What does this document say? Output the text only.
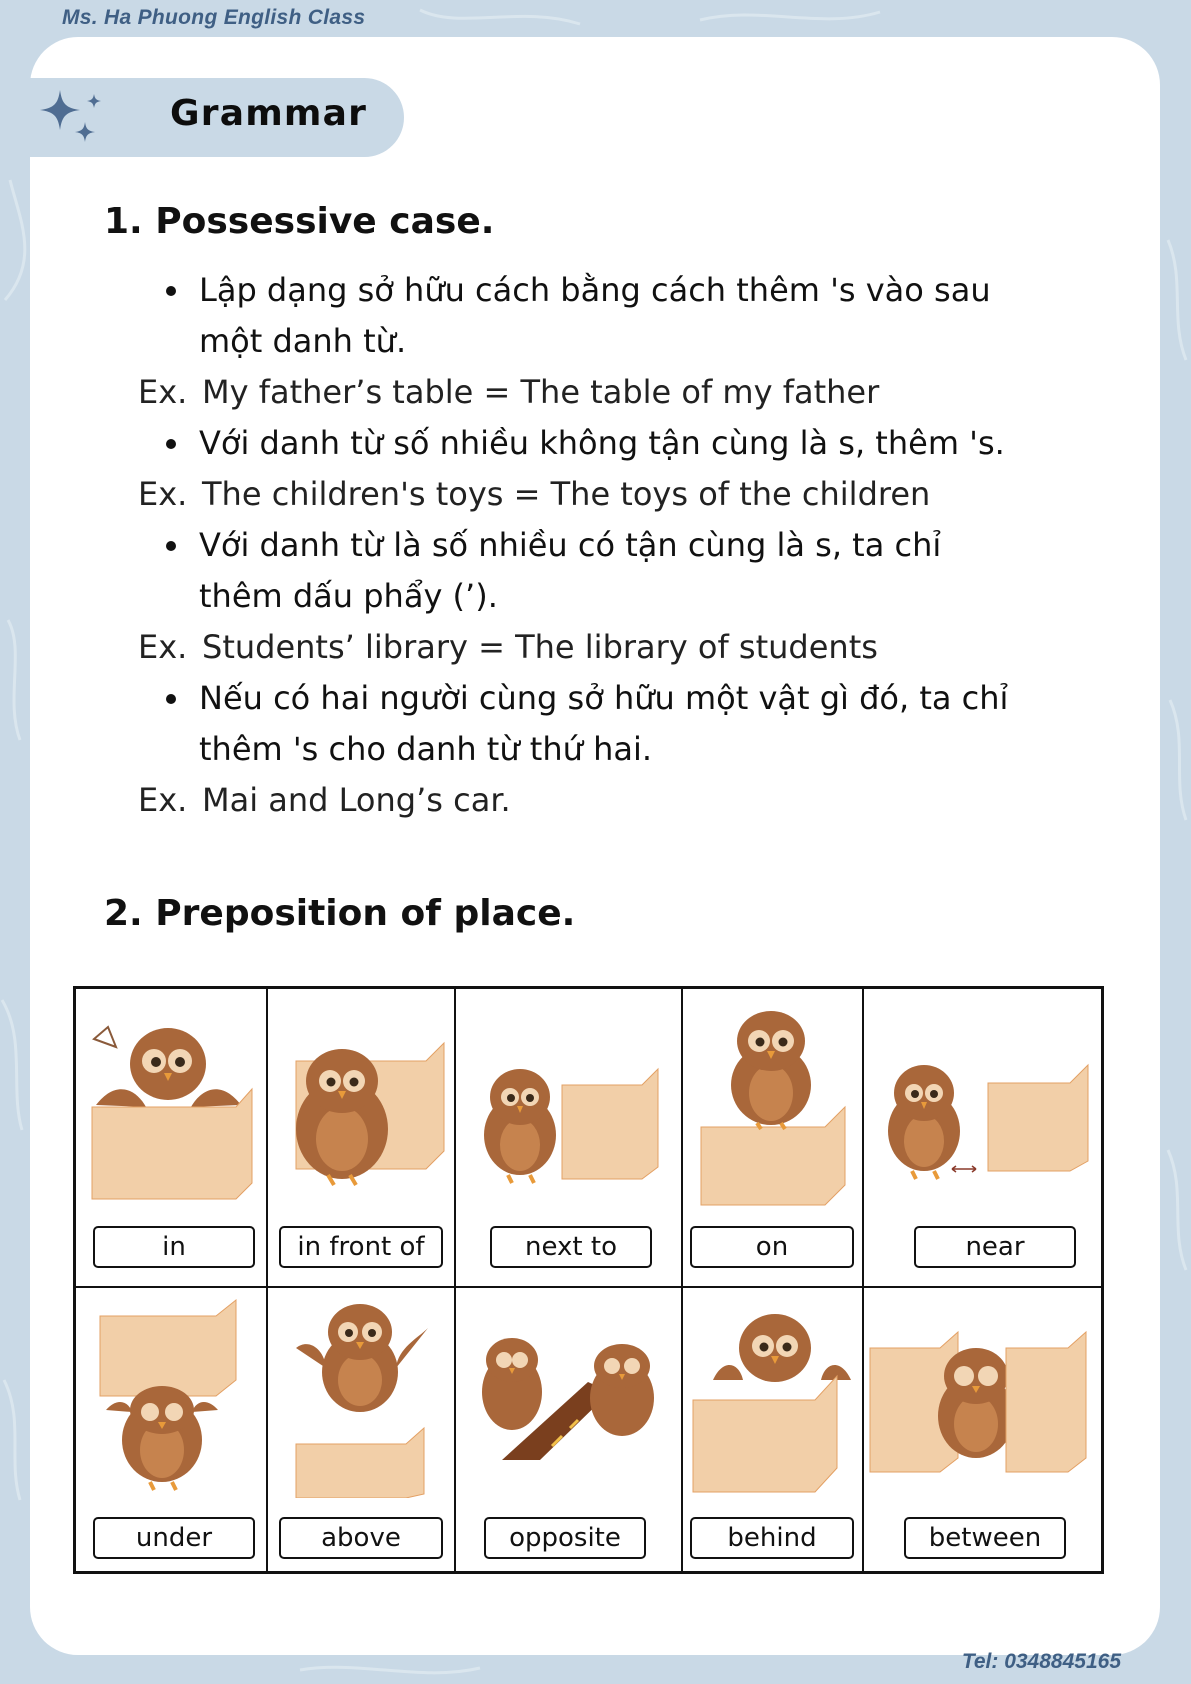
Ms. Ha Phuong English Class
Grammar
1. Possessive case.
Lập dạng sở hữu cách bằng cách thêm 's vào sau
một danh từ.
Ex. My father’s table = The table of my father
Với danh từ số nhiều không tận cùng là s, thêm 's.
Ex. The children's toys = The toys of the children
Với danh từ là số nhiều có tận cùng là s, ta chỉ
thêm dấu phẩy (’).
Ex. Students’ library = The library of students
Nếu có hai người cùng sở hữu một vật gì đó, ta chỉ
thêm 's cho danh từ thứ hai.
Ex. Mai and Long’s car.
2. Preposition of place.
in	in front of	next to	on	near
under	above	opposite	behind	between
Tel: 0348845165
